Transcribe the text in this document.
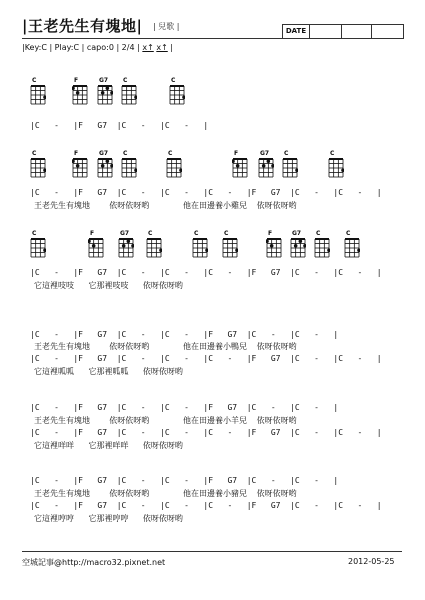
|王老先生有塊地| | 兒歌 |	DATE
|Key:C | Play:C | capo:0 | 2/4 | x↑ x↑ |
|C   -   |F   G7  |C   -   |C   -   |
|C   -   |F   G7  |C   -   |C   -   |C   -   |F   G7  |C   -   |C   -   |
王老先生有塊地    依呀依呀哟       他在田邊養小雞兒  依呀依呀哟
|C   -   |F   G7  |C   -   |C   -   |C   -   |F   G7  |C   -   |C   -   |
它這裡吱吱   它那裡吱吱   依呀依呀哟
|C   -   |F   G7  |C   -   |C   -   |F   G7  |C   -   |C   -   |
王老先生有塊地    依呀依呀哟       他在田邊養小鴨兒  依呀依呀哟
|C   -   |F   G7  |C   -   |C   -   |C   -   |F   G7  |C   -   |C   -   |
它這裡呱呱   它那裡呱呱   依呀依呀哟
|C   -   |F   G7  |C   -   |C   -   |F   G7  |C   -   |C   -   |
王老先生有塊地    依呀依呀哟       他在田邊養小羊兒  依呀依呀哟
|C   -   |F   G7  |C   -   |C   -   |C   -   |F   G7  |C   -   |C   -   |
它這裡咩咩   它那裡咩咩   依呀依呀哟
|C   -   |F   G7  |C   -   |C   -   |F   G7  |C   -   |C   -   |
王老先生有塊地    依呀依呀哟       他在田邊養小豬兒  依呀依呀哟
|C   -   |F   G7  |C   -   |C   -   |C   -   |F   G7  |C   -   |C   -   |
它這裡哼哼   它那裡哼哼   依呀依呀哟
空城記事@http://macro32.pixnet.net	2012-05-25
C	F	G7	C	C
C	F	G7	C	C	F	G7	C	C
C	F	G7	C	C	C	F	G7	C	C
